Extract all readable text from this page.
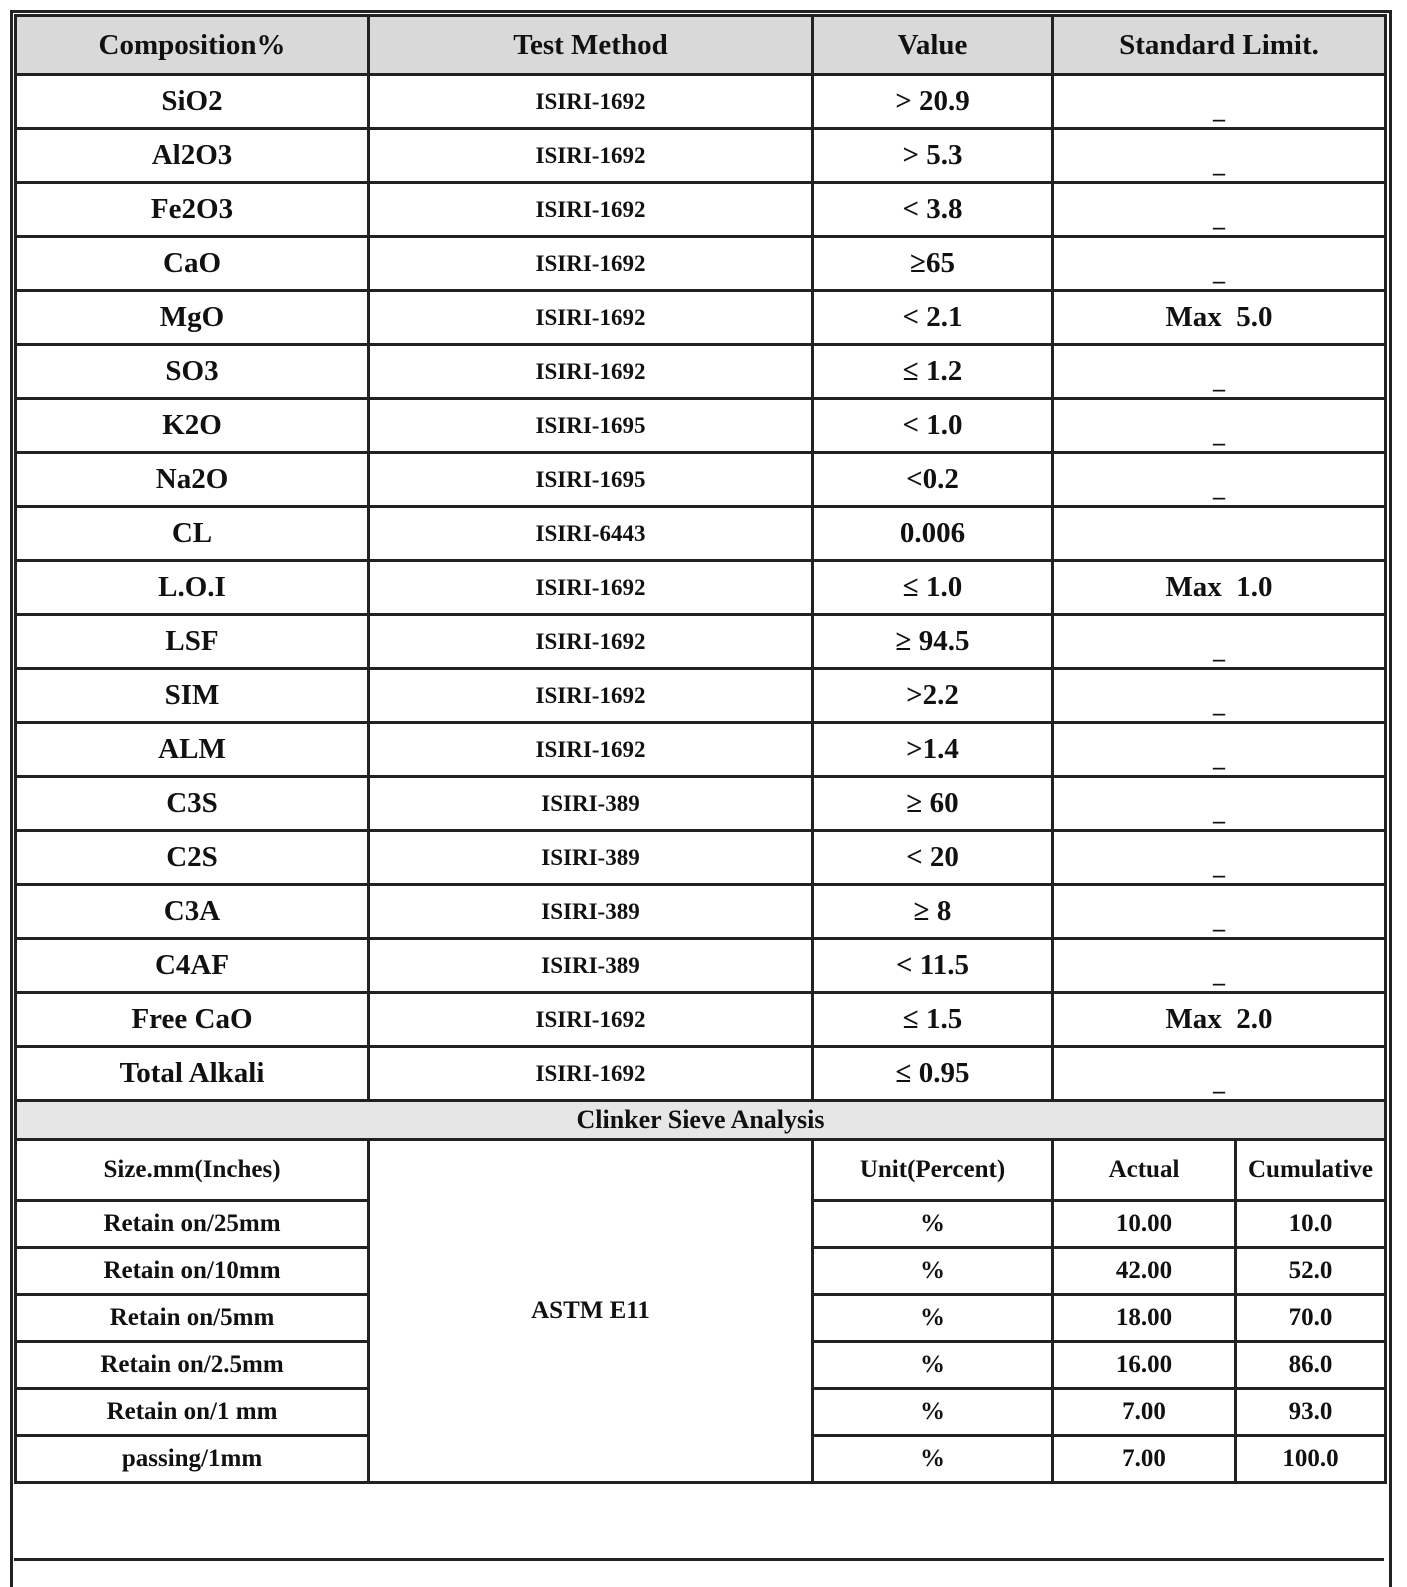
Composition%	Test Method	Value	Standard Limit.	
SiO2	ISIRI-1692	> 20.9	_	
Al2O3	ISIRI-1692	> 5.3	_	
Fe2O3	ISIRI-1692	< 3.8	_	
CaO	ISIRI-1692	≥65	_	
MgO	ISIRI-1692	< 2.1	Max  5.0	
SO3	ISIRI-1692	≤ 1.2	_	
K2O	ISIRI-1695	< 1.0	_	
Na2O	ISIRI-1695	<0.2	_	
CL	ISIRI-6443	0.006		
L.O.I	ISIRI-1692	≤ 1.0	Max  1.0	
LSF	ISIRI-1692	≥ 94.5	_	
SIM	ISIRI-1692	>2.2	_	
ALM	ISIRI-1692	>1.4	_	
C3S	ISIRI-389	≥ 60	_	
C2S	ISIRI-389	< 20	_	
C3A	ISIRI-389	≥ 8	_	
C4AF	ISIRI-389	< 11.5	_	
Free CaO	ISIRI-1692	≤ 1.5	Max  2.0	
Total Alkali	ISIRI-1692	≤ 0.95	_	
Clinker Sieve Analysis				
Size.mm(Inches)	ASTM E11	Unit(Percent)	Actual	Cumulative
Retain on/25mm		%	10.00	10.0
Retain on/10mm		%	42.00	52.0
Retain on/5mm		%	18.00	70.0
Retain on/2.5mm		%	16.00	86.0
Retain on/1 mm		%	7.00	93.0
passing/1mm		%	7.00	100.0
